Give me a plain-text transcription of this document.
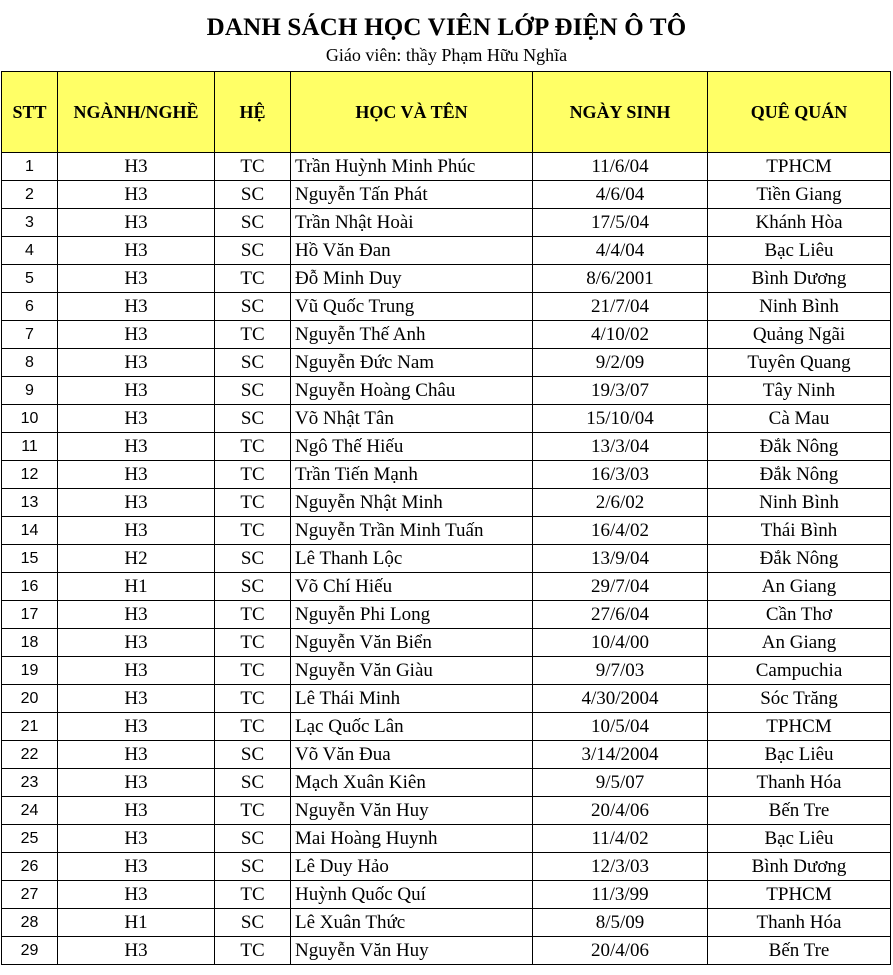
DANH SÁCH HỌC VIÊN LỚP ĐIỆN Ô TÔ
Giáo viên: thầy Phạm Hữu Nghĩa
STT	NGÀNH/NGHỀ	HỆ	HỌC VÀ TÊN	NGÀY SINH	QUÊ QUÁN
1	H3	TC	Trần Huỳnh Minh Phúc	11/6/04	TPHCM
2	H3	SC	Nguyễn Tấn Phát	4/6/04	Tiền Giang
3	H3	SC	Trần Nhật Hoài	17/5/04	Khánh Hòa
4	H3	SC	Hồ Văn Đan	4/4/04	Bạc Liêu
5	H3	TC	Đỗ Minh Duy	8/6/2001	Bình Dương
6	H3	SC	Vũ Quốc Trung	21/7/04	Ninh Bình
7	H3	TC	Nguyễn Thế Anh	4/10/02	Quảng Ngãi
8	H3	SC	Nguyễn Đức Nam	9/2/09	Tuyên Quang
9	H3	SC	Nguyễn Hoàng Châu	19/3/07	Tây Ninh
10	H3	SC	Võ Nhật Tân	15/10/04	Cà Mau
11	H3	TC	Ngô Thế Hiếu	13/3/04	Đắk Nông
12	H3	TC	Trần Tiến Mạnh	16/3/03	Đắk Nông
13	H3	TC	Nguyễn Nhật Minh	2/6/02	Ninh Bình
14	H3	TC	Nguyễn Trần Minh Tuấn	16/4/02	Thái Bình
15	H2	SC	Lê Thanh Lộc	13/9/04	Đắk Nông
16	H1	SC	Võ Chí Hiếu	29/7/04	An Giang
17	H3	TC	Nguyễn Phi Long	27/6/04	Cần Thơ
18	H3	TC	Nguyễn Văn Biển	10/4/00	An Giang
19	H3	TC	Nguyễn Văn Giàu	9/7/03	Campuchia
20	H3	TC	Lê Thái Minh	4/30/2004	Sóc Trăng
21	H3	TC	Lạc Quốc Lân	10/5/04	TPHCM
22	H3	SC	Võ Văn Đua	3/14/2004	Bạc Liêu
23	H3	SC	Mạch Xuân Kiên	9/5/07	Thanh Hóa
24	H3	TC	Nguyễn Văn Huy	20/4/06	Bến Tre
25	H3	SC	Mai Hoàng Huynh	11/4/02	Bạc Liêu
26	H3	SC	Lê Duy Hảo	12/3/03	Bình Dương
27	H3	TC	Huỳnh Quốc Quí	11/3/99	TPHCM
28	H1	SC	Lê Xuân Thức	8/5/09	Thanh Hóa
29	H3	TC	Nguyễn Văn Huy	20/4/06	Bến Tre
